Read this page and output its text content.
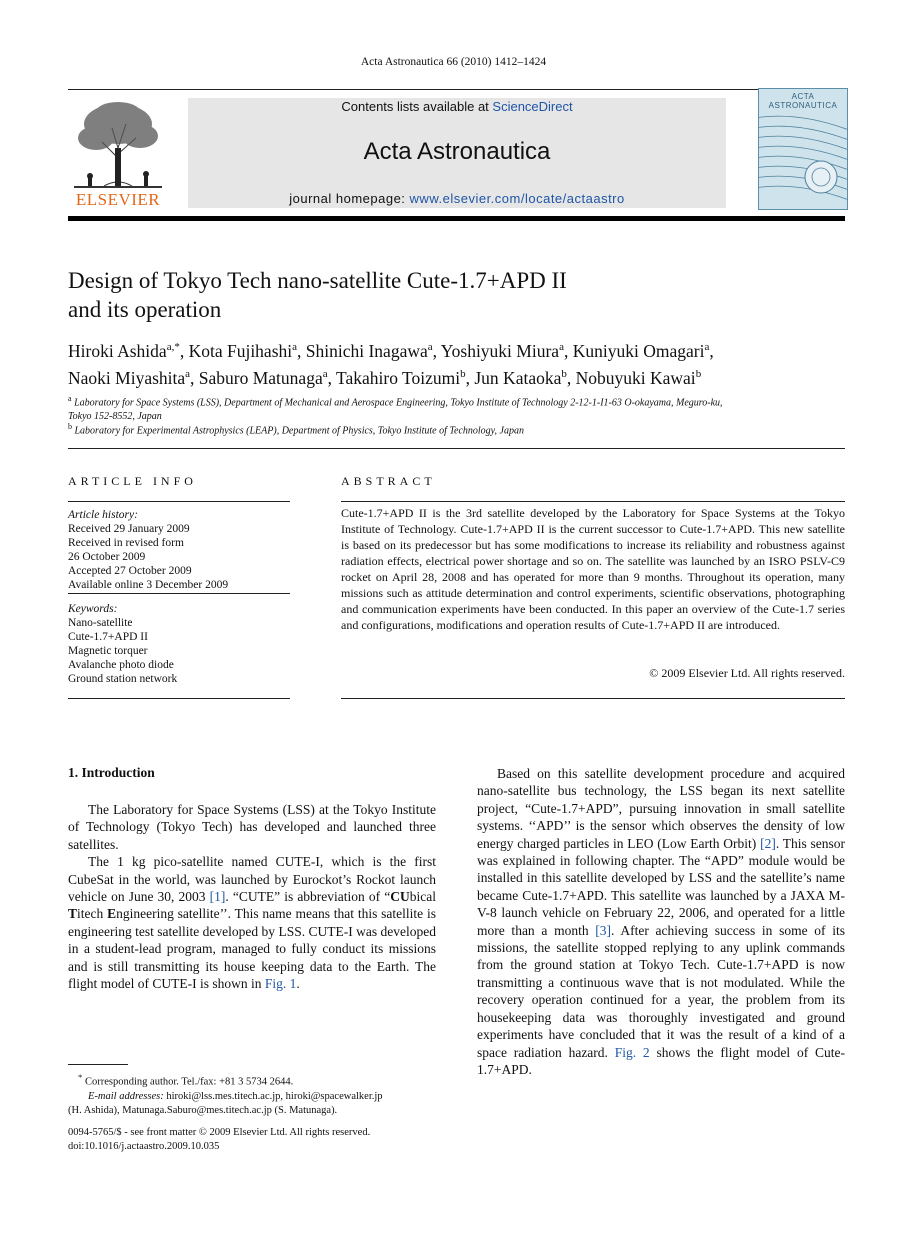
Acta Astronautica 66 (2010) 1412–1424
ELSEVIER
Contents lists available at ScienceDirect
Acta Astronautica
journal homepage: www.elsevier.com/locate/actaastro
ACTA ASTRONAUTICA
Design of Tokyo Tech nano-satellite Cute-1.7+APD II
and its operation
Hiroki Ashida$^{a,*}$, Kota Fujihashi$^a$, Shinichi Inagawa$^a$, Yoshiyuki Miura$^a$, Kuniyuki Omagari$^a$,
Naoki Miyashita$^a$, Saburo Matunaga$^a$, Takahiro Toizumi$^b$, Jun Kataoka$^b$, Nobuyuki Kawai$^b$
$^a$ Laboratory for Space Systems (LSS), Department of Mechanical and Aerospace Engineering, Tokyo Institute of Technology 2-12-1-I1-63 O-okayama, Meguro-ku,
Tokyo 152-8552, Japan
$^b$ Laboratory for Experimental Astrophysics (LEAP), Department of Physics, Tokyo Institute of Technology, Japan
ARTICLE INFO
Article history:
Received 29 January 2009
Received in revised form
26 October 2009
Accepted 27 October 2009
Available online 3 December 2009
Keywords:
Nano-satellite
Cute-1.7+APD II
Magnetic torquer
Avalanche photo diode
Ground station network
ABSTRACT
Cute-1.7+APD II is the 3rd satellite developed by the Laboratory for Space Systems at the Tokyo Institute of Technology. Cute-1.7+APD II is the current successor to Cute-1.7+APD. This new satellite is based on its predecessor but has some modifications to increase its reliability and robustness against radiation effects, electrical power shortage and so on. The satellite was launched by an ISRO PSLV-C9 rocket on April 28, 2008 and has operated for more than 9 months. Throughout its operation, many missions such as attitude determination and control experiments, scientific observations, photographing and communication experiments have been conducted. In this paper an overview of the Cute-1.7 series and configurations, modifications and operation results of Cute-1.7+APD II are introduced.
© 2009 Elsevier Ltd. All rights reserved.
1. Introduction

The Laboratory for Space Systems (LSS) at the Tokyo Institute of Technology (Tokyo Tech) has developed and launched three satellites.

The 1 kg pico-satellite named CUTE-I, which is the first CubeSat in the world, was launched by Eurockot’s Rockot launch vehicle on June 30, 2003 [1]. “CUTE” is abbreviation of “CUbical Titech Engineering satellite’’. This name means that this satellite is engineering test satellite developed by LSS. CUTE-I was developed in a student-lead program, managed to fully conduct its missions and is still transmitting its house keeping data to the Earth. The flight model of CUTE-I is shown in Fig. 1.

Based on this satellite development procedure and acquired nano-satellite bus technology, the LSS began its next satellite project, “Cute-1.7+APD”, pursuing innovation in small satellite systems. ‘‘APD’’ is the sensor which observes the density of low energy charged particles in LEO (Low Earth Orbit) [2]. This sensor was explained in following chapter. The “APD” module would be installed in this satellite developed by LSS and the satellite’s name became Cute-1.7+APD. This satellite was launched by a JAXA M-V-8 launch vehicle on February 22, 2006, and operated for a little more than a month [3]. After achieving success in some of its missions, the satellite stopped replying to any uplink commands from the ground station at Tokyo Tech. Cute-1.7+APD is now transmitting a continuous wave that is not modulated. While the recovery operation continued for a year, the problem from its housekeeping data was thoroughly investigated and ground experiments have concluded that it was the result of a kind of a space radiation hazard. Fig. 2 shows the flight model of Cute-1.7+APD.

* Corresponding author. Tel./fax: +81 3 5734 2644.
E-mail addresses: hiroki@lss.mes.titech.ac.jp, hiroki@spacewalker.jp
(H. Ashida), Matunaga.Saburo@mes.titech.ac.jp (S. Matunaga).
0094-5765/$ - see front matter © 2009 Elsevier Ltd. All rights reserved.
doi:10.1016/j.actaastro.2009.10.035
